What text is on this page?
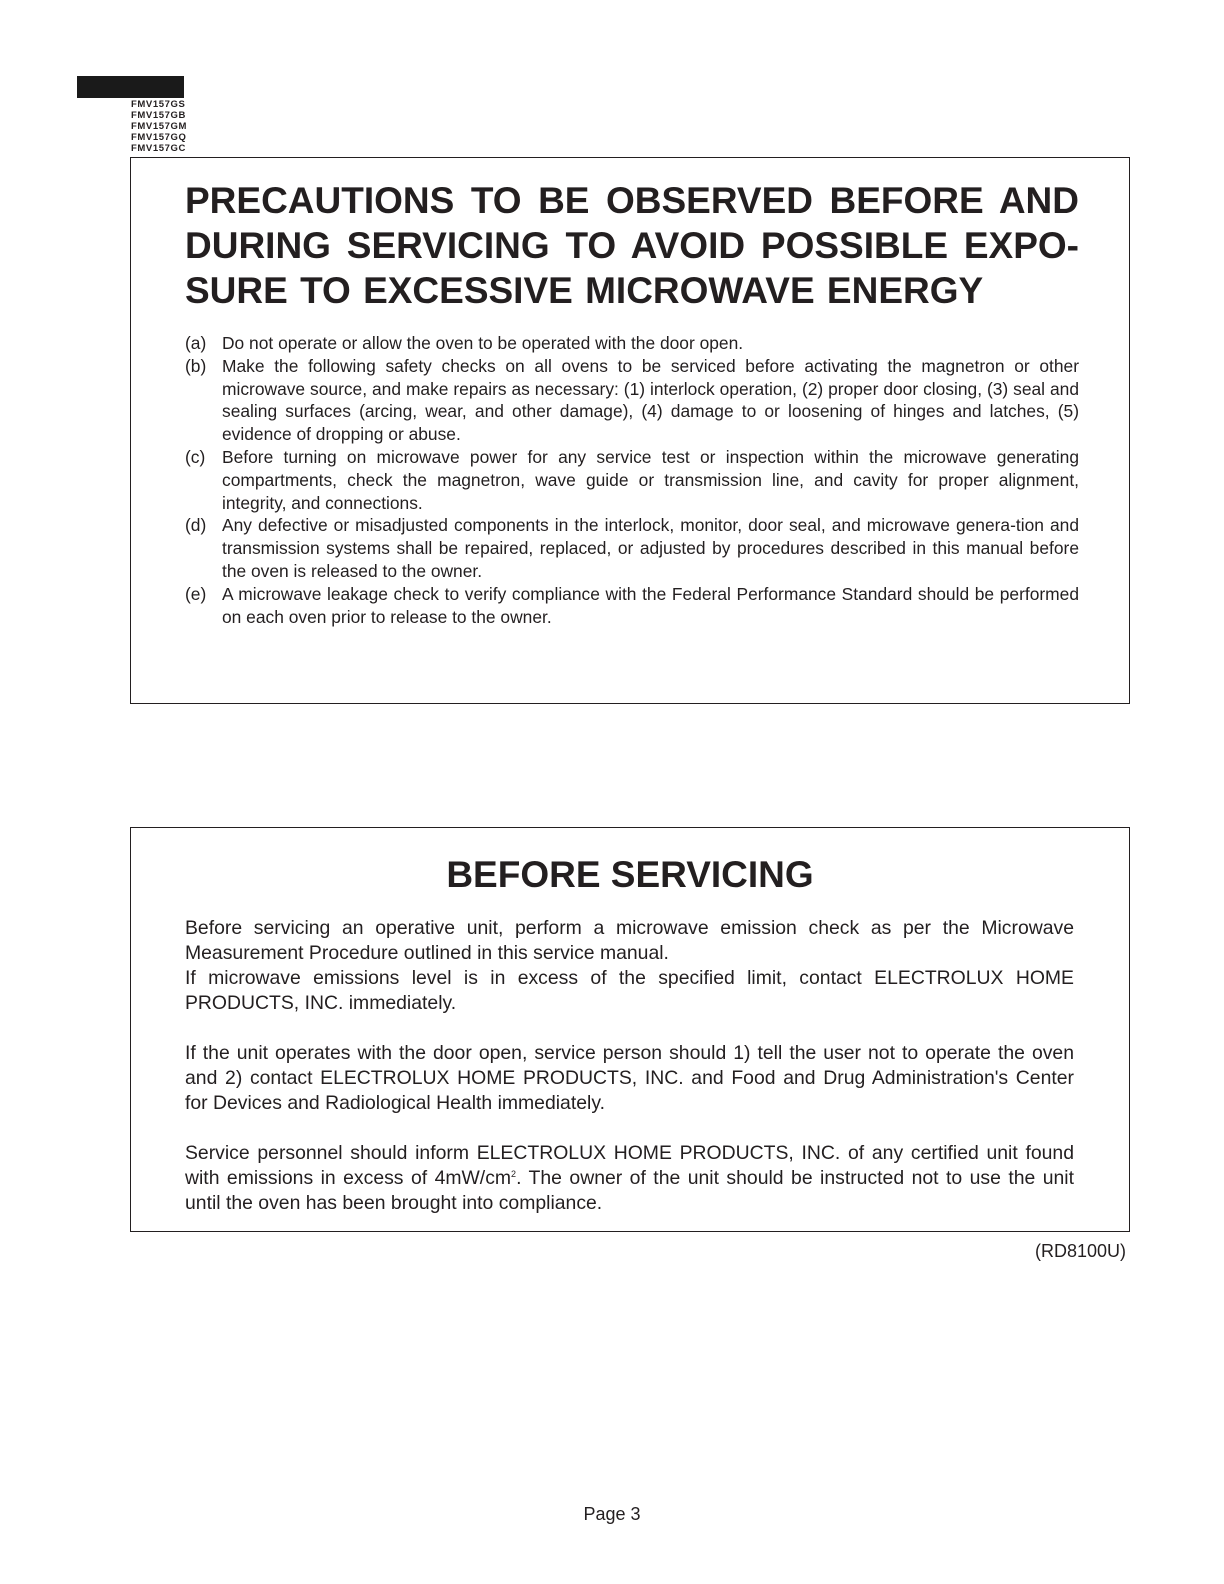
FMV157GS
FMV157GB
FMV157GM
FMV157GQ
FMV157GC
PRECAUTIONS TO BE OBSERVED BEFORE AND DURING SERVICING TO AVOID POSSIBLE EXPO-SURE TO EXCESSIVE MICROWAVE ENERGY
(a) Do not operate or allow the oven to be operated with the door open.
(b) Make the following safety checks on all ovens to be serviced before activating the magnetron or other microwave source, and make repairs as necessary: (1) interlock operation, (2) proper door closing, (3) seal and sealing surfaces (arcing, wear, and other damage), (4) damage to or loosening of hinges and latches, (5) evidence of dropping or abuse.
(c) Before turning on microwave power for any service test or inspection within the microwave generating compartments, check the magnetron, wave guide or transmission line, and cavity for proper alignment, integrity, and connections.
(d) Any defective or misadjusted components in the interlock, monitor, door seal, and microwave genera-tion and transmission systems shall be repaired, replaced, or adjusted by procedures described in this manual before the oven is released to the owner.
(e) A microwave leakage check to verify compliance with the Federal Performance Standard should be performed on each oven prior to release to the owner.
BEFORE SERVICING

Before servicing an operative unit, perform a microwave emission check as per the Microwave Measurement Procedure outlined in this service manual.

If microwave emissions level is in excess of the specified limit, contact ELECTROLUX HOME PRODUCTS, INC. immediately.

If the unit operates with the door open, service person should 1) tell the user not to operate the oven and 2) contact ELECTROLUX HOME PRODUCTS, INC. and Food and Drug Administration's Center for Devices and Radiological Health immediately.

Service personnel should inform ELECTROLUX HOME PRODUCTS, INC. of any certified unit found with emissions in excess of $4mW/cm^2$. The owner of the unit should be instructed not to use the unit until the oven has been brought into compliance.

(RD8100U)
Page 3
